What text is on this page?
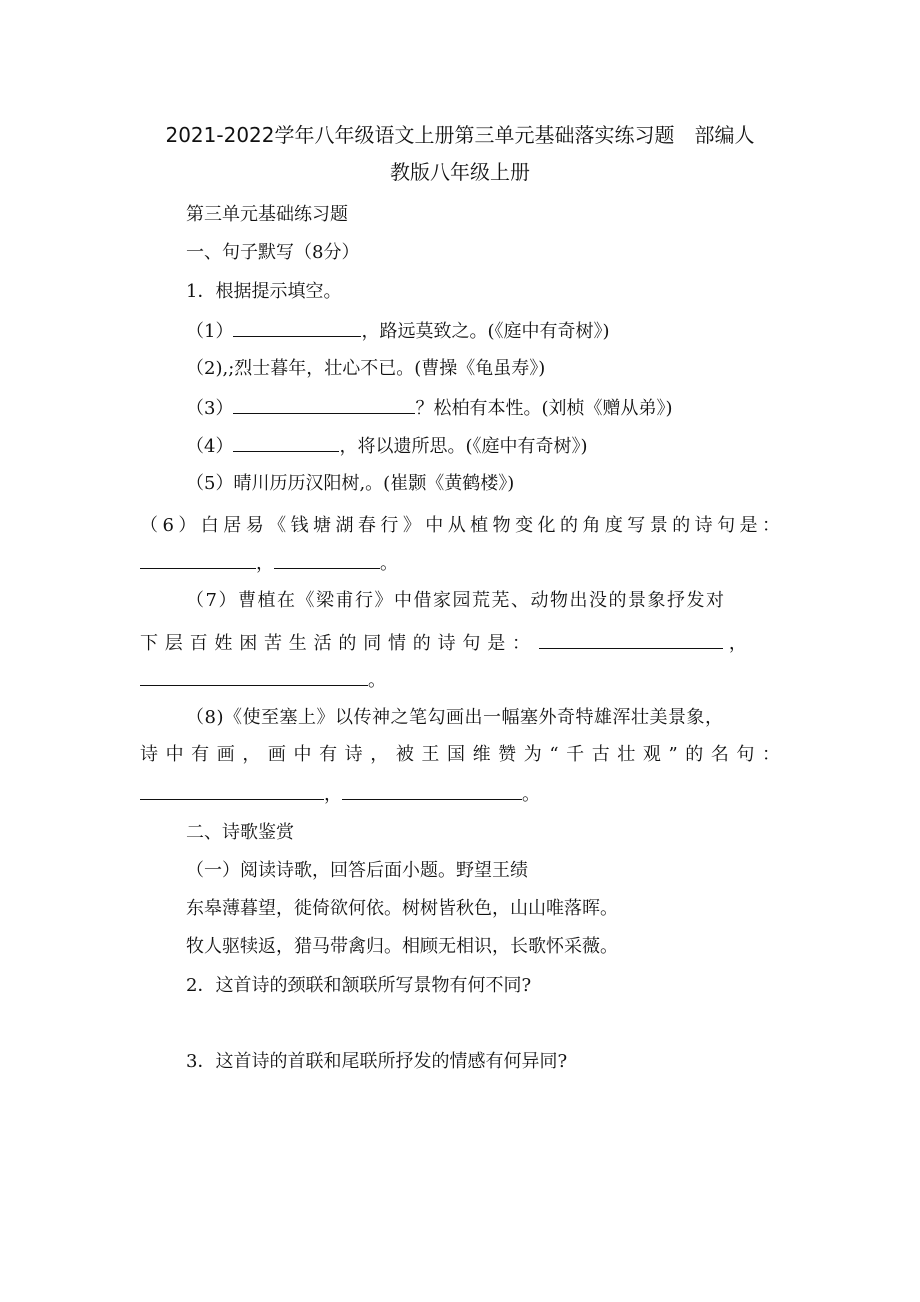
2021-2022学年八年级语文上册第三单元基础落实练习题　部编人
教版八年级上册
第三单元基础练习题
一、句子默写（8分）
1．根据提示填空。
（1）	，路远莫致之。(《庭中有奇树》)
（2),;烈士暮年，壮心不已。(曹操《龟虽寿》)
（3）	？松柏有本性。(刘桢《赠从弟》)
（4）	，将以遗所思。(《庭中有奇树》)
（5）晴川历历汉阳树,。(崔颢《黄鹤楼》)
（6）白居易《钱塘湖春行》中从植物变化的角度写景的诗句是：
，	。
（7）曹植在《梁甫行》中借家园荒芜、动物出没的景象抒发对
下层百姓困苦生活的同情的诗句是：	，
。
（8)《使至塞上》以传神之笔勾画出一幅塞外奇特雄浑壮美景象，
诗中有画，画中有诗，被王国维赞为“千古壮观”的名句：
，	。
二、诗歌鉴赏
（一）阅读诗歌，回答后面小题。野望王绩
东皋薄暮望，徙倚欲何依。树树皆秋色，山山唯落晖。
牧人驱犊返，猎马带禽归。相顾无相识，长歌怀采薇。
2．这首诗的颈联和颔联所写景物有何不同?
3．这首诗的首联和尾联所抒发的情感有何异同?
